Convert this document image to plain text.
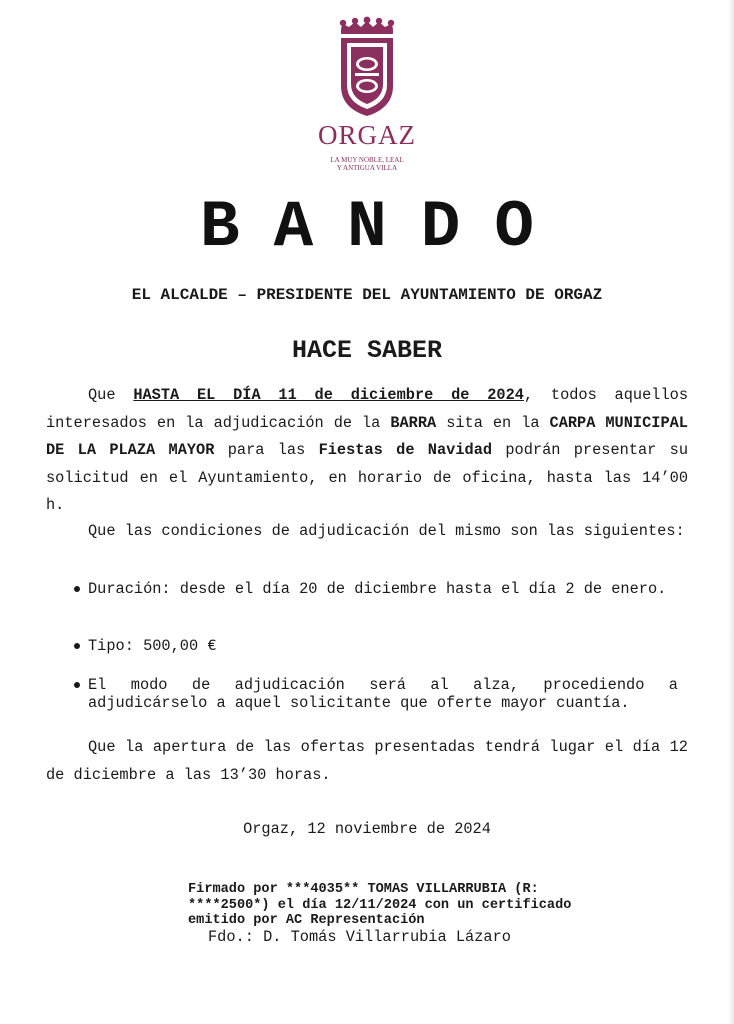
ORGAZ
LA MUY NOBLE, LEAL
Y ANTIGUA VILLA
BANDO
EL ALCALDE – PRESIDENTE DEL AYUNTAMIENTO DE ORGAZ
HACE SABER
Que HASTA EL DÍA 11 de diciembre de 2024, todos aquellos interesados en la adjudicación de la BARRA sita en la CARPA MUNICIPAL DE LA PLAZA MAYOR para las Fiestas de Navidad podrán presentar su solicitud en el Ayuntamiento, en horario de oficina, hasta las 14’00 h.
Que las condiciones de adjudicación del mismo son las siguientes:
Duración: desde el día 20 de diciembre hasta el día 2 de enero.
Tipo: 500,00 €
El modo de adjudicación será al alza, procediendo a adjudicárselo a aquel solicitante que oferte mayor cuantía.
Que la apertura de las ofertas presentadas tendrá lugar el día 12 de diciembre a las 13’30 horas.
Orgaz, 12 noviembre de 2024
Firmado por ***4035** TOMAS VILLARRUBIA (R:
****2500*) el día 12/11/2024 con un certificado
emitido por AC Representación
Fdo.: D. Tomás Villarrubia Lázaro
